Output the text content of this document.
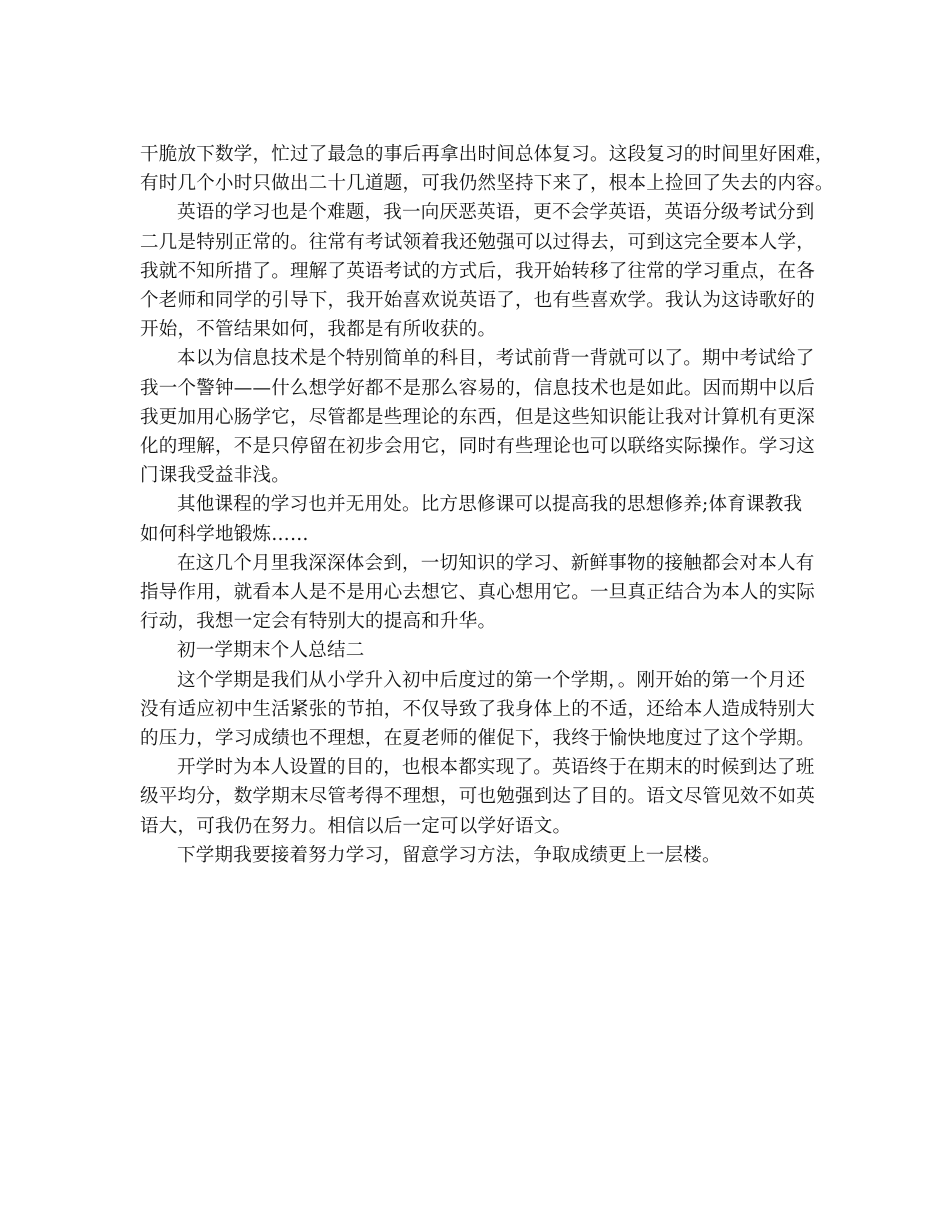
干脆放下数学，忙过了最急的事后再拿出时间总体复习。这段复习的时间里好困难，
有时几个小时只做出二十几道题，可我仍然坚持下来了，根本上捡回了失去的内容。

英语的学习也是个难题，我一向厌恶英语，更不会学英语，英语分级考试分到
二几是特别正常的。往常有考试领着我还勉强可以过得去，可到这完全要本人学，
我就不知所措了。理解了英语考试的方式后，我开始转移了往常的学习重点，在各
个老师和同学的引导下，我开始喜欢说英语了，也有些喜欢学。我认为这诗歌好的
开始，不管结果如何，我都是有所收获的。

本以为信息技术是个特别简单的科目，考试前背一背就可以了。期中考试给了
我一个警钟——什么想学好都不是那么容易的，信息技术也是如此。因而期中以后
我更加用心肠学它，尽管都是些理论的东西，但是这些知识能让我对计算机有更深
化的理解，不是只停留在初步会用它，同时有些理论也可以联络实际操作。学习这
门课我受益非浅。

其他课程的学习也并无用处。比方思修课可以提高我的思想修养;体育课教我
如何科学地锻炼……

在这几个月里我深深体会到，一切知识的学习、新鲜事物的接触都会对本人有
指导作用，就看本人是不是用心去想它、真心想用它。一旦真正结合为本人的实际
行动，我想一定会有特别大的提高和升华。

初一学期末个人总结二

这个学期是我们从小学升入初中后度过的第一个学期，。刚开始的第一个月还
没有适应初中生活紧张的节拍，不仅导致了我身体上的不适，还给本人造成特别大
的压力，学习成绩也不理想，在夏老师的催促下，我终于愉快地度过了这个学期。

开学时为本人设置的目的，也根本都实现了。英语终于在期末的时候到达了班
级平均分，数学期末尽管考得不理想，可也勉强到达了目的。语文尽管见效不如英
语大，可我仍在努力。相信以后一定可以学好语文。

下学期我要接着努力学习，留意学习方法，争取成绩更上一层楼。
